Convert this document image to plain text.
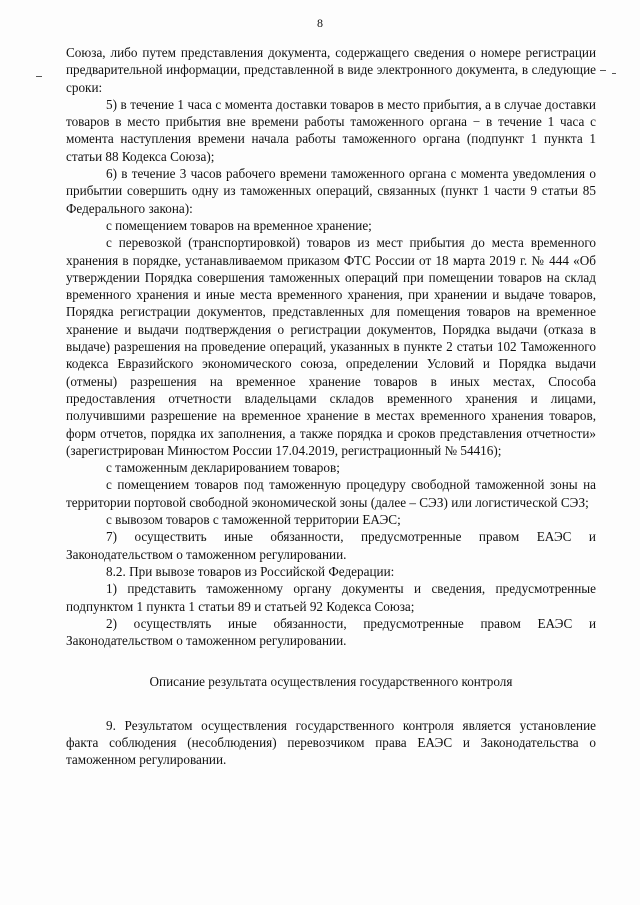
8

Союза, либо путем представления документа, содержащего сведения о номере регистрации предварительной информации, представленной в виде электронного документа, в следующие сроки:

5) в течение 1 часа с момента доставки товаров в место прибытия, а в случае доставки товаров в место прибытия вне времени работы таможенного органа − в течение 1 часа с момента наступления времени начала работы таможенного органа (подпункт 1 пункта 1 статьи 88 Кодекса Союза);

6) в течение 3 часов рабочего времени таможенного органа с момента уведомления о прибытии совершить одну из таможенных операций, связанных (пункт 1 части 9 статьи 85 Федерального закона):

с помещением товаров на временное хранение;

с перевозкой (транспортировкой) товаров из мест прибытия до места временного хранения в порядке, устанавливаемом приказом ФТС России от 18 марта 2019 г. № 444 «Об утверждении Порядка совершения таможенных операций при помещении товаров на склад временного хранения и иные места временного хранения, при хранении и выдаче товаров, Порядка регистрации документов, представленных для помещения товаров на временное хранение и выдачи подтверждения о регистрации документов, Порядка выдачи (отказа в выдаче) разрешения на проведение операций, указанных в пункте 2 статьи 102 Таможенного кодекса Евразийского экономического союза, определении Условий и Порядка выдачи (отмены) разрешения на временное хранение товаров в иных местах, Способа предоставления отчетности владельцами складов временного хранения и лицами, получившими разрешение на временное хранение в местах временного хранения товаров, форм отчетов, порядка их заполнения, а также порядка и сроков представления отчетности» (зарегистрирован Минюстом России 17.04.2019, регистрационный № 54416);

с таможенным декларированием товаров;

с помещением товаров под таможенную процедуру свободной таможенной зоны на территории портовой свободной экономической зоны (далее – СЭЗ) или логистической СЭЗ;

с вывозом товаров с таможенной территории ЕАЭС;

7) осуществить иные обязанности, предусмотренные правом ЕАЭС и Законодательством о таможенном регулировании.

8.2. При вывозе товаров из Российской Федерации:

1) представить таможенному органу документы и сведения, предусмотренные подпунктом 1 пункта 1 статьи 89 и статьей 92 Кодекса Союза;

2) осуществлять иные обязанности, предусмотренные правом ЕАЭС и Законодательством о таможенном регулировании.

Описание результата осуществления государственного контроля

9. Результатом осуществления государственного контроля является установление факта соблюдения (несоблюдения) перевозчиком права ЕАЭС и Законодательства о таможенном регулировании.
